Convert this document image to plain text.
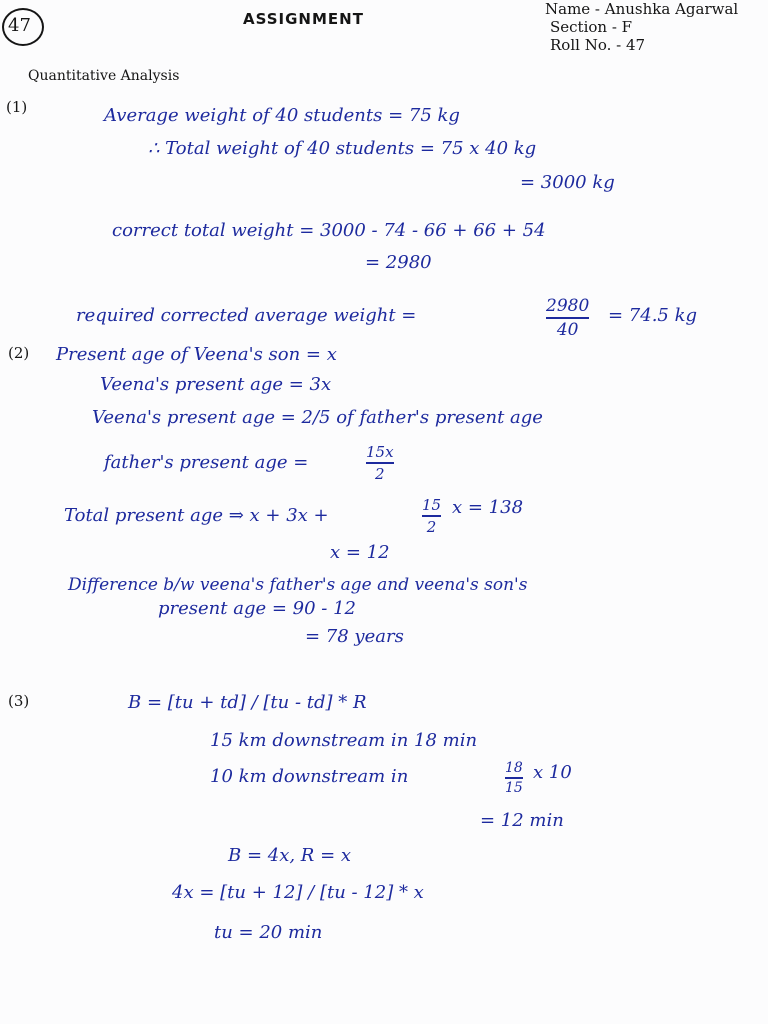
47	ASSIGNMENT
Name - Anushka Agarwal
Section - F
Roll No. - 47
Quantitative Analysis
(1)	Average weight of 40 students = 75 kg
∴ Total weight of 40 students = 75 x 40 kg
= 3000 kg
correct total weight = 3000 - 74 - 66 + 66 + 54
= 2980
required corrected average weight =	2980
40
= 74.5 kg
(2) Present age of Veena's son = x
Veena's present age = 3x
Veena's present age = 2/5 of father's present age
father's present age =	15x
2
Total present age ⇒ x + 3x +	15
2
x = 138
x = 12
Difference b/w veena's father's age and veena's son's
present age = 90 - 12
= 78 years
(3)	B = [tu + td] / [tu - td] * R
15 km downstream in 18 min
10 km downstream in	18
15
x 10
= 12 min
B = 4x, R = x
4x = [tu + 12] / [tu - 12] * x
tu = 20 min
